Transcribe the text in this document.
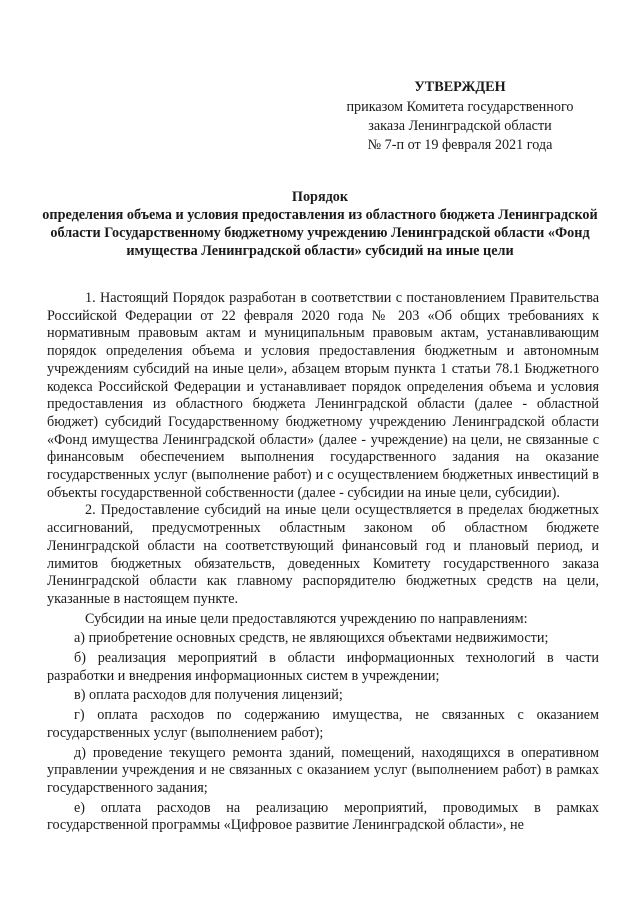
УТВЕРЖДЕН
приказом Комитета государственного
заказа Ленинградской области
№ 7-п от 19 февраля 2021 года
Порядок
определения объема и условия предоставления из областного бюджета Ленинградской области Государственному бюджетному учреждению Ленинградской области «Фонд имущества Ленинградской области» субсидий на иные цели

1. Настоящий Порядок разработан в соответствии с постановлением Правительства Российской Федерации от 22 февраля 2020 года № 203 «Об общих требованиях к нормативным правовым актам и муниципальным правовым актам, устанавливающим порядок определения объема и условия предоставления бюджетным и автономным учреждениям субсидий на иные цели», абзацем вторым пункта 1 статьи 78.1 Бюджетного кодекса Российской Федерации и устанавливает порядок определения объема и условия предоставления из областного бюджета Ленинградской области (далее - областной бюджет) субсидий Государственному бюджетному учреждению Ленинградской области «Фонд имущества Ленинградской области» (далее - учреждение) на цели, не связанные с финансовым обеспечением выполнения государственного задания на оказание государственных услуг (выполнение работ) и с осуществлением бюджетных инвестиций в объекты государственной собственности (далее - субсидии на иные цели, субсидии).

2. Предоставление субсидий на иные цели осуществляется в пределах бюджетных ассигнований, предусмотренных областным законом об областном бюджете Ленинградской области на соответствующий финансовый год и плановый период, и лимитов бюджетных обязательств, доведенных Комитету государственного заказа Ленинградской области как главному распорядителю бюджетных средств на цели, указанные в настоящем пункте.

Субсидии на иные цели предоставляются учреждению по направлениям:

а) приобретение основных средств, не являющихся объектами недвижимости;

б) реализация мероприятий в области информационных технологий в части разработки и внедрения информационных систем в учреждении;

в) оплата расходов для получения лицензий;

г) оплата расходов по содержанию имущества, не связанных с оказанием государственных услуг (выполнением работ);

д) проведение текущего ремонта зданий, помещений, находящихся в оперативном управлении учреждения и не связанных с оказанием услуг (выполнением работ) в рамках государственного задания;

е) оплата расходов на реализацию мероприятий, проводимых в рамках государственной программы «Цифровое развитие Ленинградской области», не
